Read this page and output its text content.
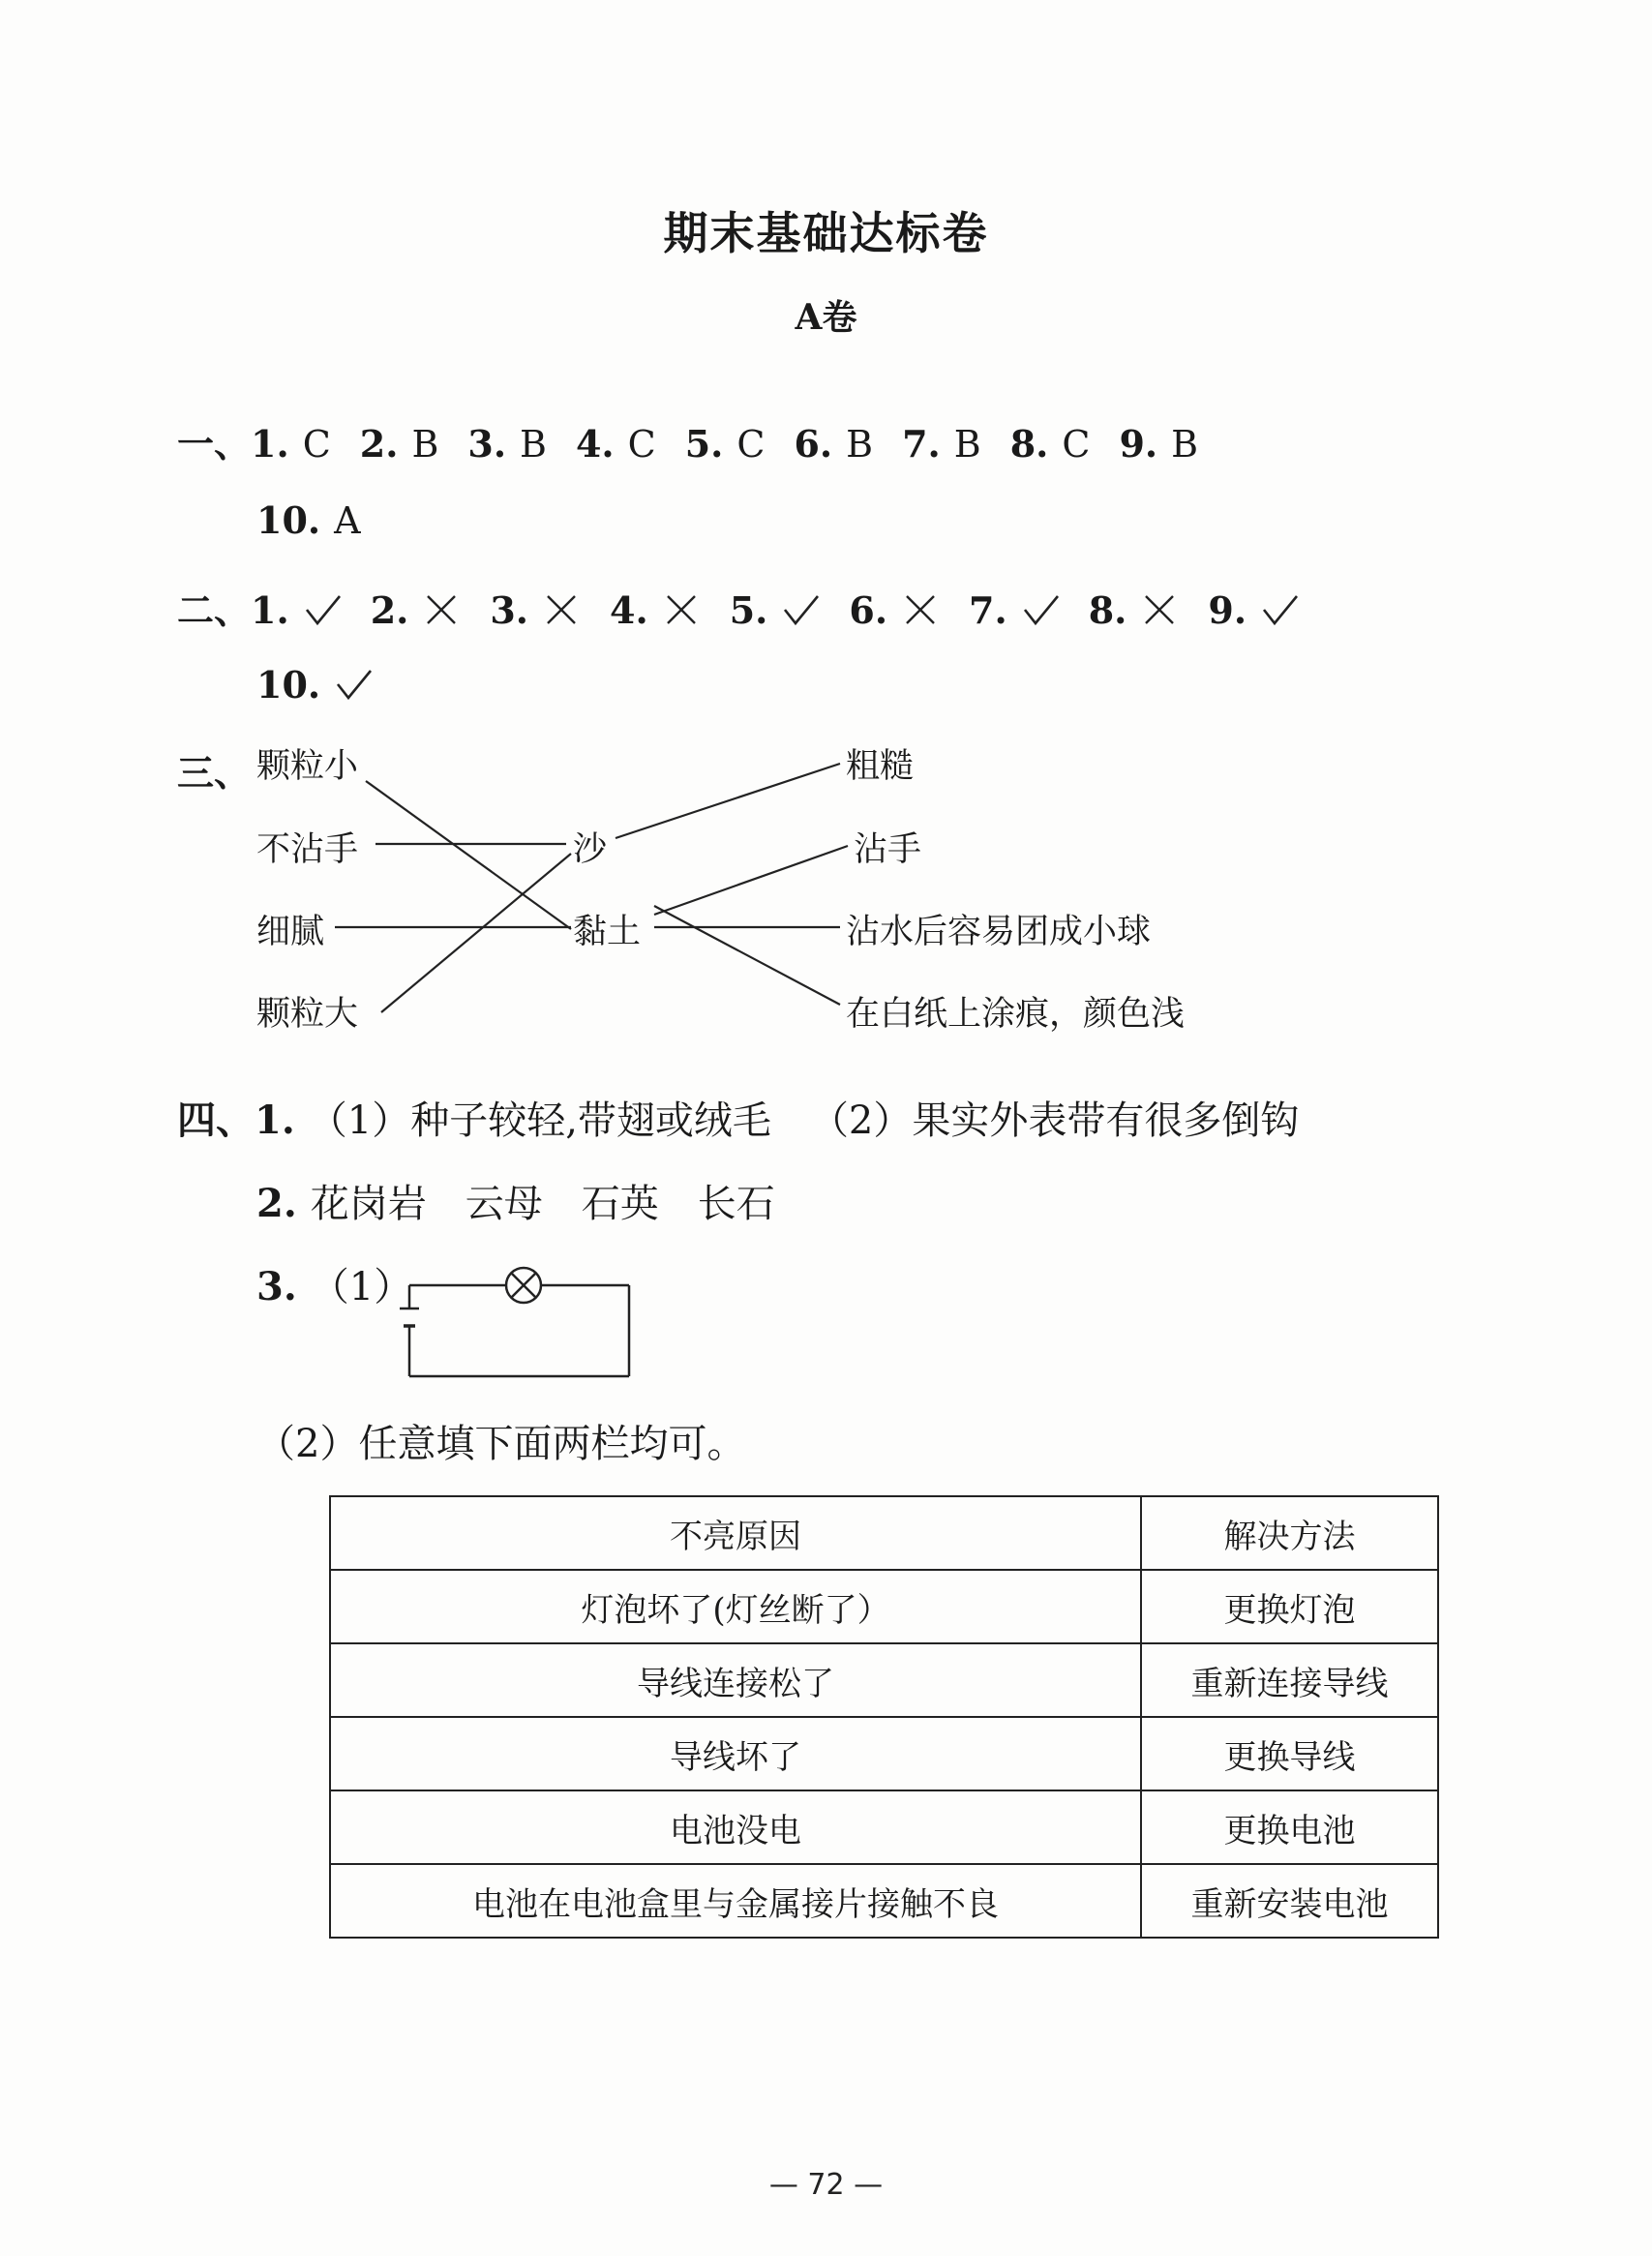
期末基础达标卷
A卷
一、1. C 2. B 3. B 4. C 5. C 6. B 7. B 8. C 9. B
10. A
二、1. 2. 3. 4. 5. 6. 7. 8. 9.
10.
三、 颗粒小
不沾手
细腻
颗粒大
沙
黏土
粗糙
沾手
沾水后容易团成小球
在白纸上涂痕，颜色浅
四、1. （1）种子较轻,带翅或绒毛 （2）果实外表带有很多倒钩
2. 花岗岩 云母 石英 长石
3. （1）
（2）任意填下面两栏均可。
不亮原因	解决方法
灯泡坏了(灯丝断了）	更换灯泡
导线连接松了	重新连接导线
导线坏了	更换导线
电池没电	更换电池
电池在电池盒里与金属接片接触不良	重新安装电池
— 72 —
